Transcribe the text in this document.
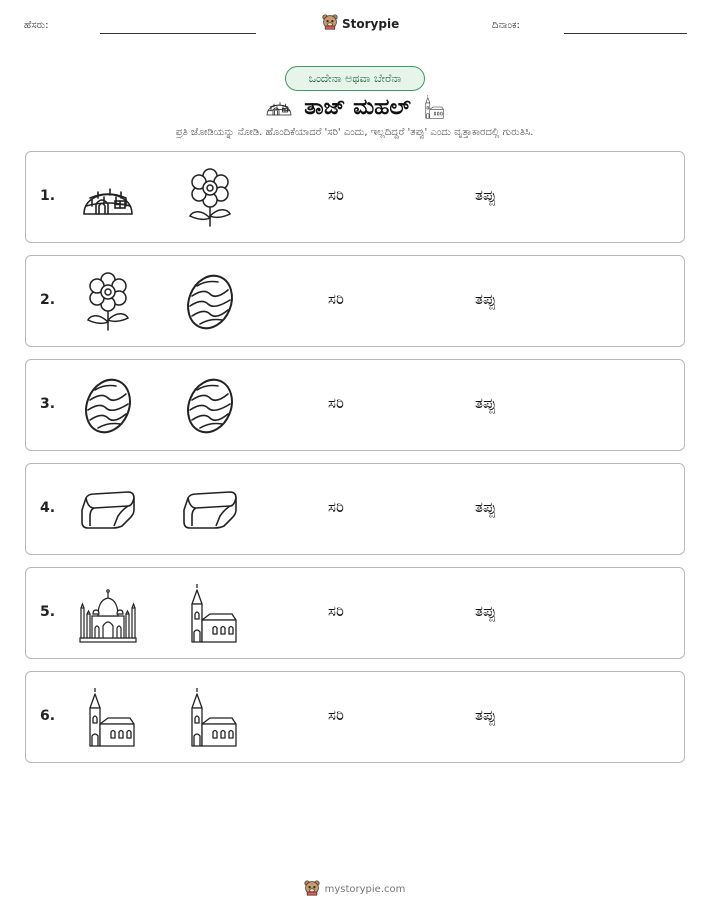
ಹೆಸರು:	Storypie	ದಿನಾಂಕ:
ಒಂದೇನಾ ಅಥವಾ ಬೇರೆನಾ
ತಾಜ್ ಮಹಲ್
ಪ್ರತಿ ಜೋಡಿಯನ್ನು ನೋಡಿ. ಹೊಂದಿಕೆಯಾದರೆ 'ಸರಿ' ಎಂದು, ಇಲ್ಲದಿದ್ದರೆ 'ತಪ್ಪು' ಎಂದು ವೃತ್ತಾಕಾರದಲ್ಲಿ ಗುರುತಿಸಿ.
1.	ಸರಿ	ತಪ್ಪು
2.	ಸರಿ	ತಪ್ಪು
3.	ಸರಿ	ತಪ್ಪು
4.	ಸರಿ	ತಪ್ಪು
5.	ಸರಿ	ತಪ್ಪು
6.	ಸರಿ	ತಪ್ಪು
mystorypie.com
